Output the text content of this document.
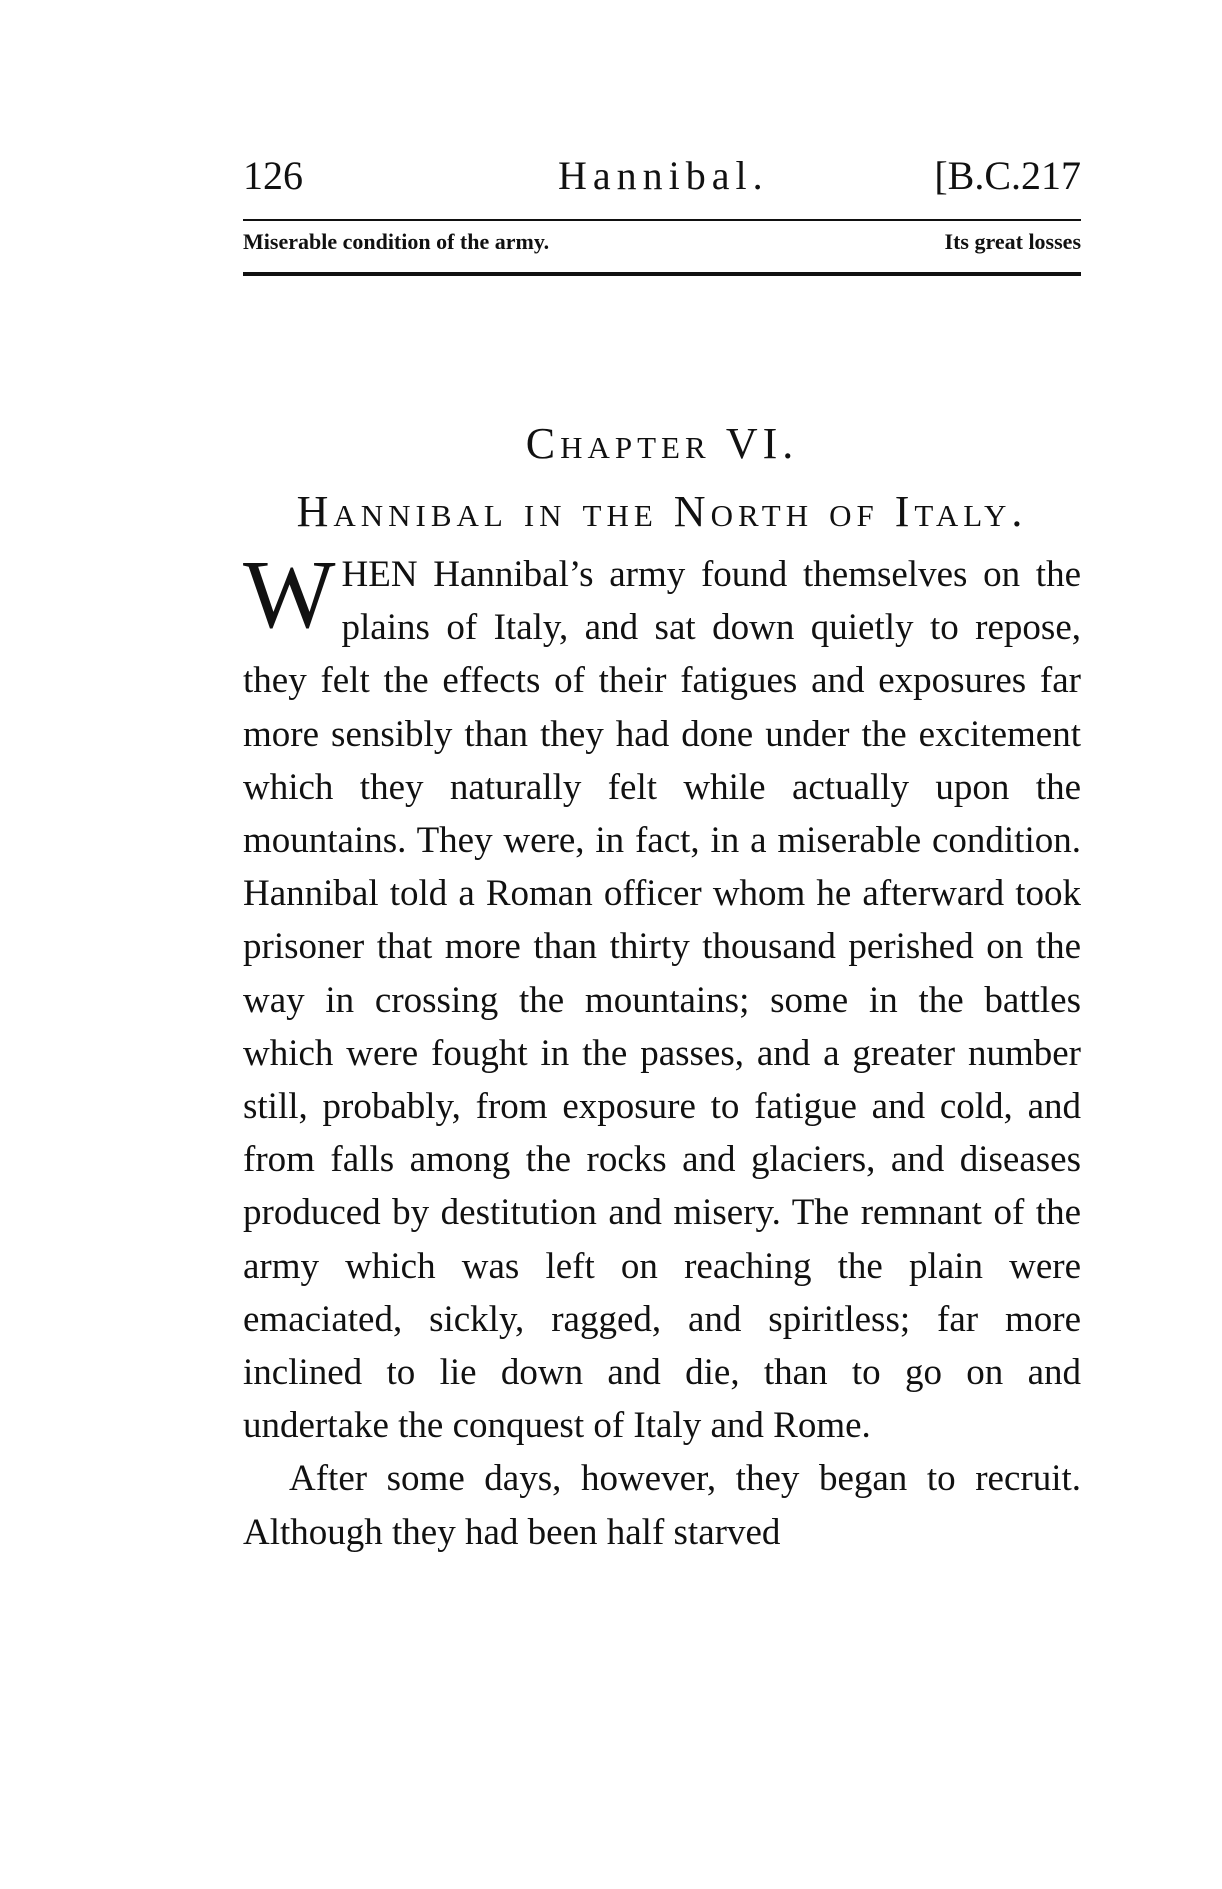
126	Hannibal.	[B.C.217
Miserable condition of the army.	Its great losses
Chapter VI.
Hannibal in the North of Italy.

WHEN Hannibal’s army found themselves on the plains of Italy, and sat down quietly to repose, they felt the effects of their fatigues and exposures far more sensibly than they had done under the excitement which they naturally felt while actually upon the mountains. They were, in fact, in a miserable condition. Hannibal told a Roman officer whom he afterward took prisoner that more than thirty thousand perished on the way in crossing the mountains; some in the battles which were fought in the passes, and a greater number still, probably, from exposure to fatigue and cold, and from falls among the rocks and glaciers, and diseases produced by destitution and misery. The remnant of the army which was left on reaching the plain were emaciated, sickly, ragged, and spiritless; far more inclined to lie down and die, than to go on and undertake the conquest of Italy and Rome.

After some days, however, they began to recruit. Although they had been half starved
